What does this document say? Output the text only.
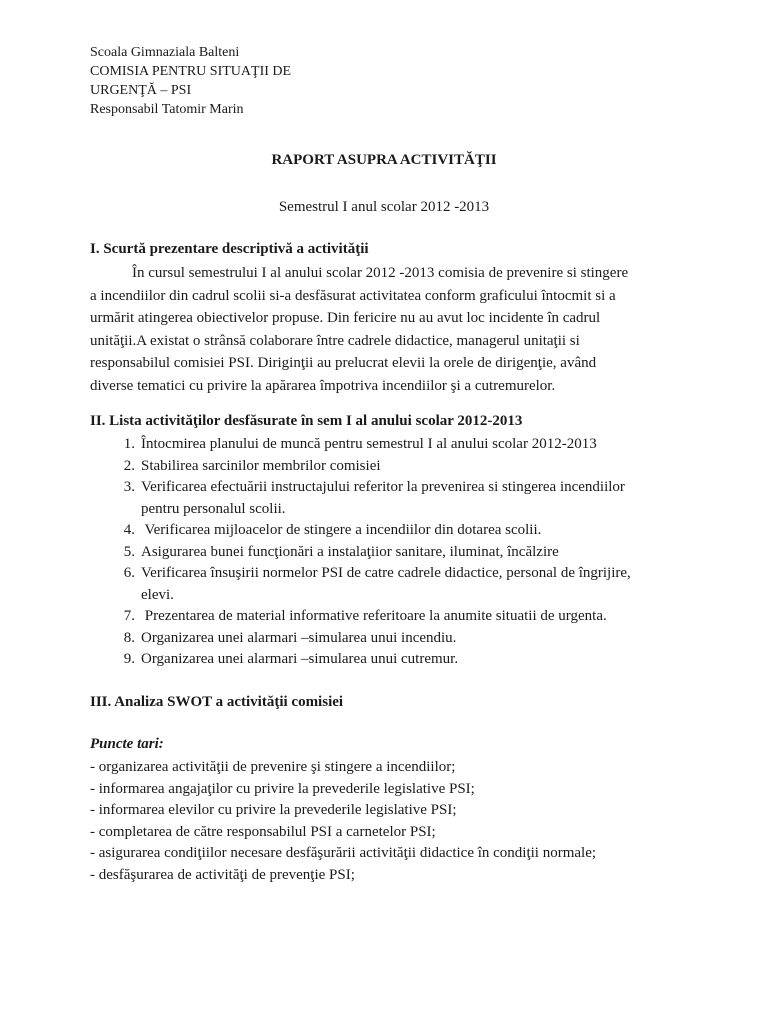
Scoala Gimnaziala Balteni
COMISIA PENTRU SITUAŢII DE
URGENŢĂ – PSI
Responsabil Tatomir Marin
RAPORT ASUPRA ACTIVITĂŢII
Semestrul I anul scolar 2012 -2013
I. Scurtă prezentare descriptivă a activităţii
În cursul semestrului I al anului scolar 2012 -2013 comisia de prevenire si stingere
a incendiilor din cadrul scolii si-a desfăsurat activitatea conform graficului întocmit si a
urmărit atingerea obiectivelor propuse. Din fericire nu au avut loc incidente în cadrul
unităţii.A existat o strânsă colaborare între cadrele didactice, managerul unitaţii si
responsabilul comisiei PSI. Diriginţii au prelucrat elevii la orele de dirigenţie, având
diverse tematici cu privire la apărarea împotriva incendiilor şi a cutremurelor.
II. Lista activităţilor desfăsurate în sem I al anului scolar 2012-2013
1. Întocmirea planului de muncă pentru semestrul I al anului scolar 2012-2013
2. Stabilirea sarcinilor membrilor comisiei
3. Verificarea efectuării instructajului referitor la prevenirea si stingerea incendiilor
pentru personalul scolii.
4. Verificarea mijloacelor de stingere a incendiilor din dotarea scolii.
5. Asigurarea bunei funcţionări a instalaţiior sanitare, iluminat, încălzire
6. Verificarea însuşirii normelor PSI de catre cadrele didactice, personal de îngrijire,
elevi.
7. Prezentarea de material informative referitoare la anumite situatii de urgenta.
8. Organizarea unei alarmari –simularea unui incendiu.
9. Organizarea unei alarmari –simularea unui cutremur.
III. Analiza SWOT a activităţii comisiei
Puncte tari:
- organizarea activităţii de prevenire şi stingere a incendiilor;
- informarea angajaţilor cu privire la prevederile legislative PSI;
- informarea elevilor cu privire la prevederile legislative PSI;
- completarea de către responsabilul PSI a carnetelor PSI;
- asigurarea condiţiilor necesare desfăşurării activităţii didactice în condiţii normale;
- desfăşurarea de activităţi de prevenţie PSI;
